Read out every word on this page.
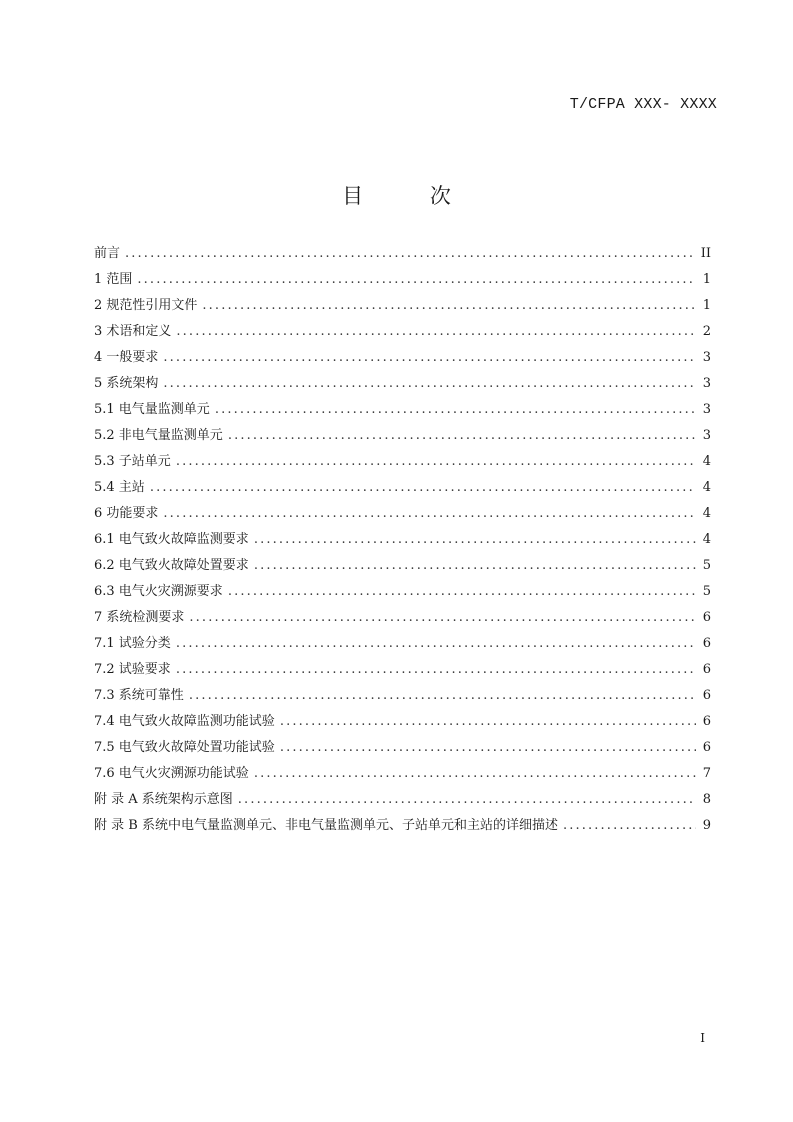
T/CFPA XXX- XXXX
目          次
前言 . . .	II
1 范围 . . .	1
2 规范性引用文件 . . .	1
3 术语和定义 . . .	2
4 一般要求 . . .	3
5 系统架构 . . .	3
5.1 电气量监测单元 . . .	3
5.2 非电气量监测单元 . . .	3
5.3 子站单元 . . .	4
5.4 主站 . . .	4
6 功能要求 . . .	4
6.1 电气致火故障监测要求 . . .	4
6.2 电气致火故障处置要求 . . .	5
6.3 电气火灾溯源要求 . . .	5
7 系统检测要求 . . .	6
7.1 试验分类 . . .	6
7.2 试验要求 . . .	6
7.3 系统可靠性 . . .	6
7.4 电气致火故障监测功能试验 . . .	6
7.5 电气致火故障处置功能试验 . . .	6
7.6 电气火灾溯源功能试验 . . .	7
附 录 A 系统架构示意图 . . .	8
附 录 B 系统中电气量监测单元、非电气量监测单元、子站单元和主站的详细描述 . . .	9
I
